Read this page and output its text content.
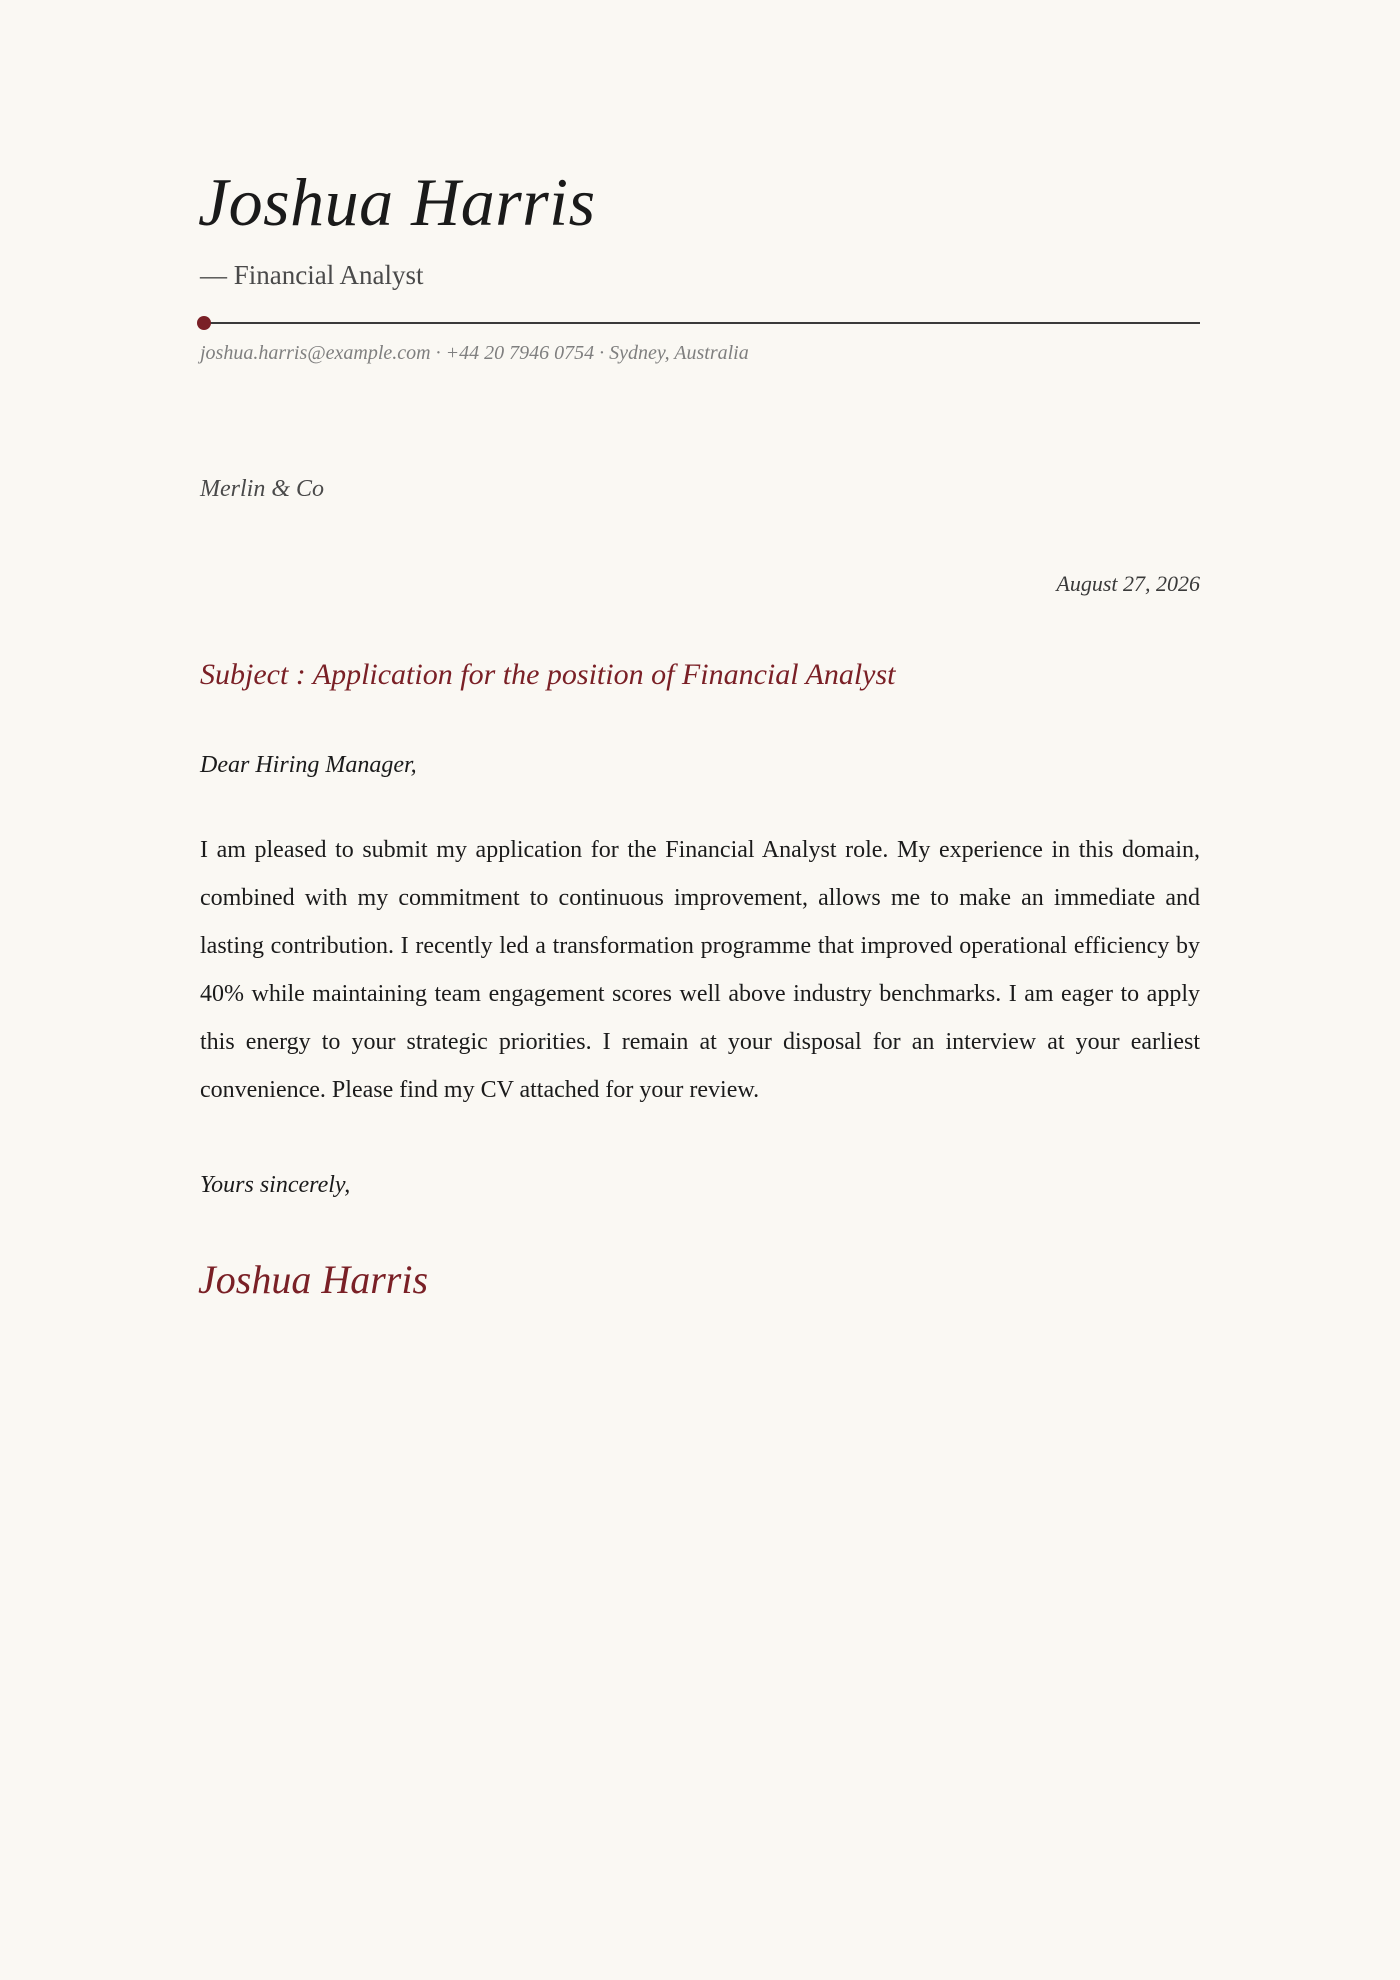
Joshua Harris
— Financial Analyst
joshua.harris@example.com · +44 20 7946 0754 · Sydney, Australia
Merlin & Co
August 27, 2026
Subject : Application for the position of Financial Analyst
Dear Hiring Manager,
I am pleased to submit my application for the Financial Analyst role. My experience in this domain, combined with my commitment to continuous improvement, allows me to make an immediate and lasting contribution. I recently led a transformation programme that improved operational efficiency by 40% while maintaining team engagement scores well above industry benchmarks. I am eager to apply this energy to your strategic priorities. I remain at your disposal for an interview at your earliest convenience. Please find my CV attached for your review.
Yours sincerely,
Joshua Harris
